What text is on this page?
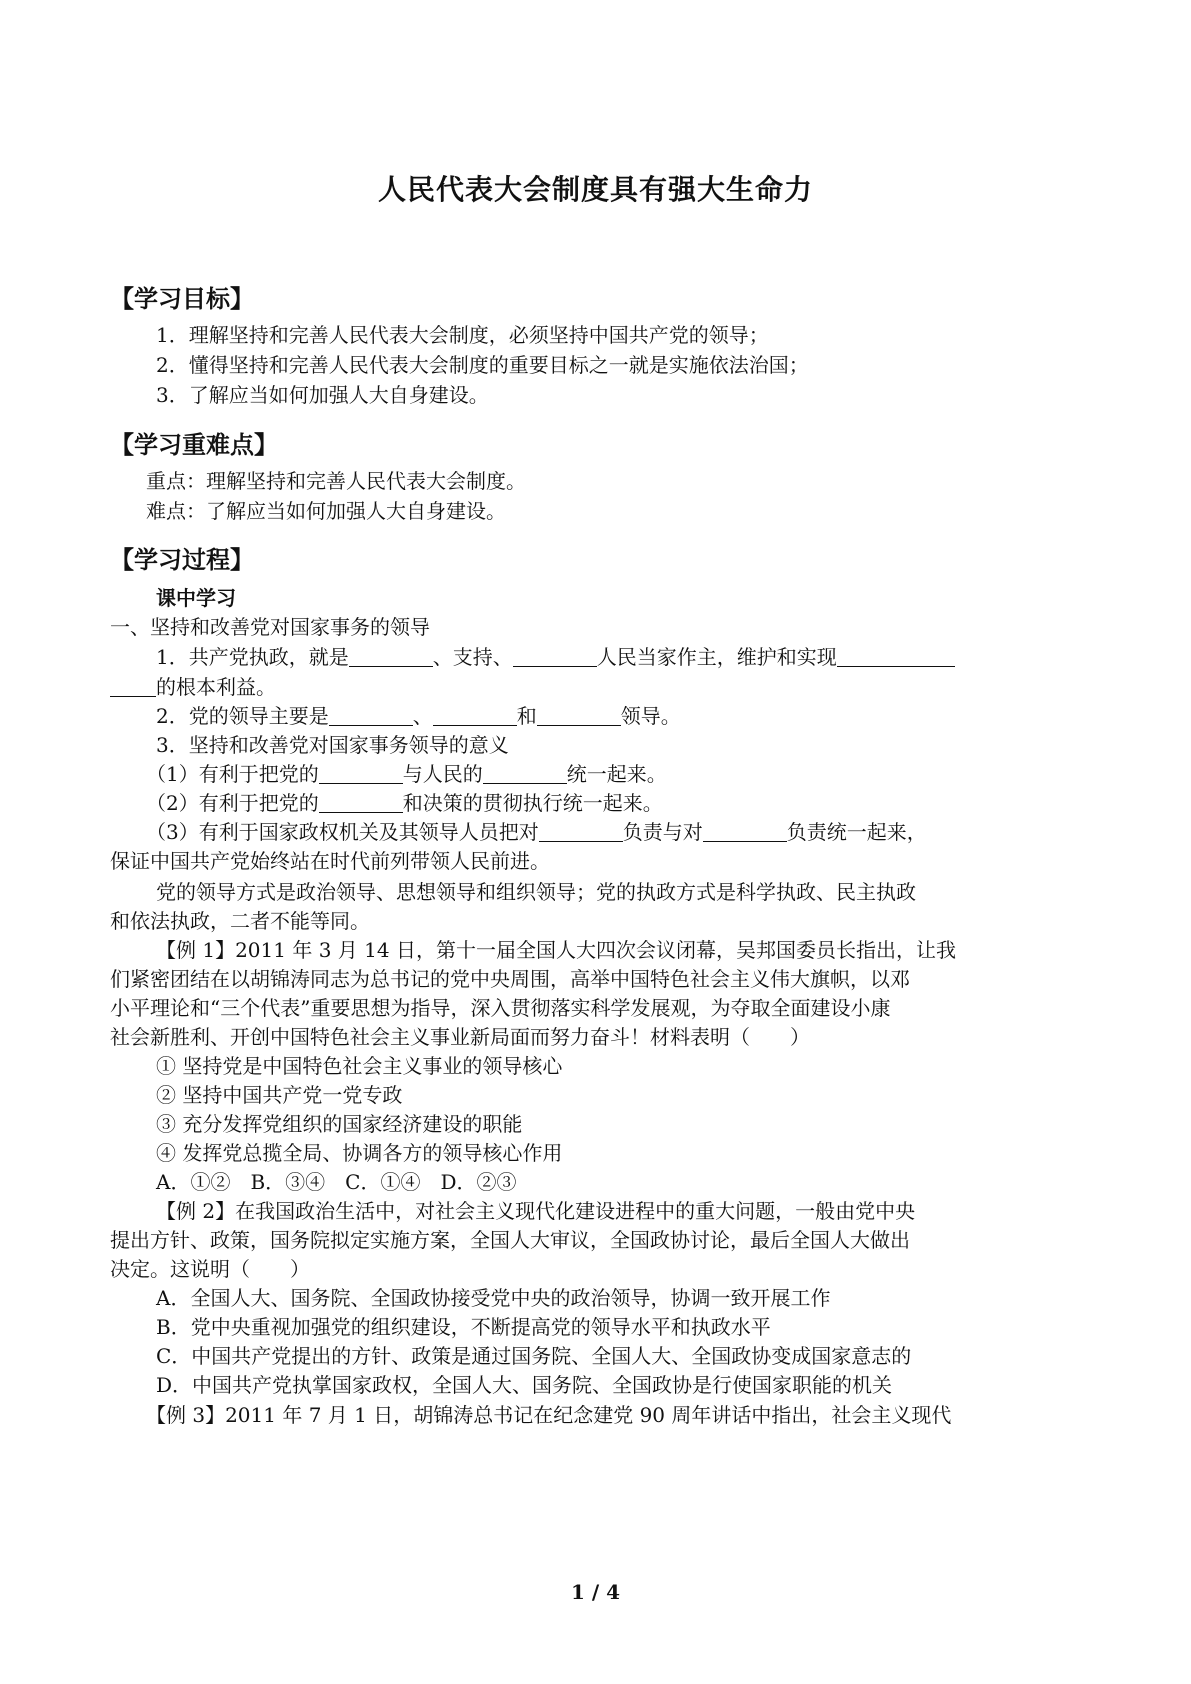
人民代表大会制度具有强大生命力
【学习目标】
1．理解坚持和完善人民代表大会制度，必须坚持中国共产党的领导；
2．懂得坚持和完善人民代表大会制度的重要目标之一就是实施依法治国；
3．了解应当如何加强人大自身建设。
【学习重难点】
重点：理解坚持和完善人民代表大会制度。
难点：了解应当如何加强人大自身建设。
【学习过程】
课中学习
一、坚持和改善党对国家事务的领导
1．共产党执政，就是	、支持、	人民当家作主，维护和实现
的根本利益。
2．党的领导主要是	、	和	领导。
3．坚持和改善党对国家事务领导的意义
（1）有利于把党的	与人民的	统一起来。
（2）有利于把党的	和决策的贯彻执行统一起来。
（3）有利于国家政权机关及其领导人员把对	负责与对	负责统一起来，
保证中国共产党始终站在时代前列带领人民前进。
党的领导方式是政治领导、思想领导和组织领导；党的执政方式是科学执政、民主执政
和依法执政，二者不能等同。
【例 1】2011 年 3 月 14 日，第十一届全国人大四次会议闭幕，吴邦国委员长指出，让我
们紧密团结在以胡锦涛同志为总书记的党中央周围，高举中国特色社会主义伟大旗帜，以邓
小平理论和“三个代表”重要思想为指导，深入贯彻落实科学发展观，为夺取全面建设小康
社会新胜利、开创中国特色社会主义事业新局面而努力奋斗！材料表明（　　）
① 坚持党是中国特色社会主义事业的领导核心
② 坚持中国共产党一党专政
③ 充分发挥党组织的国家经济建设的职能
④ 发挥党总揽全局、协调各方的领导核心作用
A．①②　B．③④　C．①④　D．②③
【例 2】在我国政治生活中，对社会主义现代化建设进程中的重大问题，一般由党中央
提出方针、政策，国务院拟定实施方案，全国人大审议，全国政协讨论，最后全国人大做出
决定。这说明（　　）
A．全国人大、国务院、全国政协接受党中央的政治领导，协调一致开展工作
B．党中央重视加强党的组织建设，不断提高党的领导水平和执政水平
C．中国共产党提出的方针、政策是通过国务院、全国人大、全国政协变成国家意志的
D．中国共产党执掌国家政权，全国人大、国务院、全国政协是行使国家职能的机关
【例 3】2011 年 7 月 1 日，胡锦涛总书记在纪念建党 90 周年讲话中指出，社会主义现代
1 / 4
